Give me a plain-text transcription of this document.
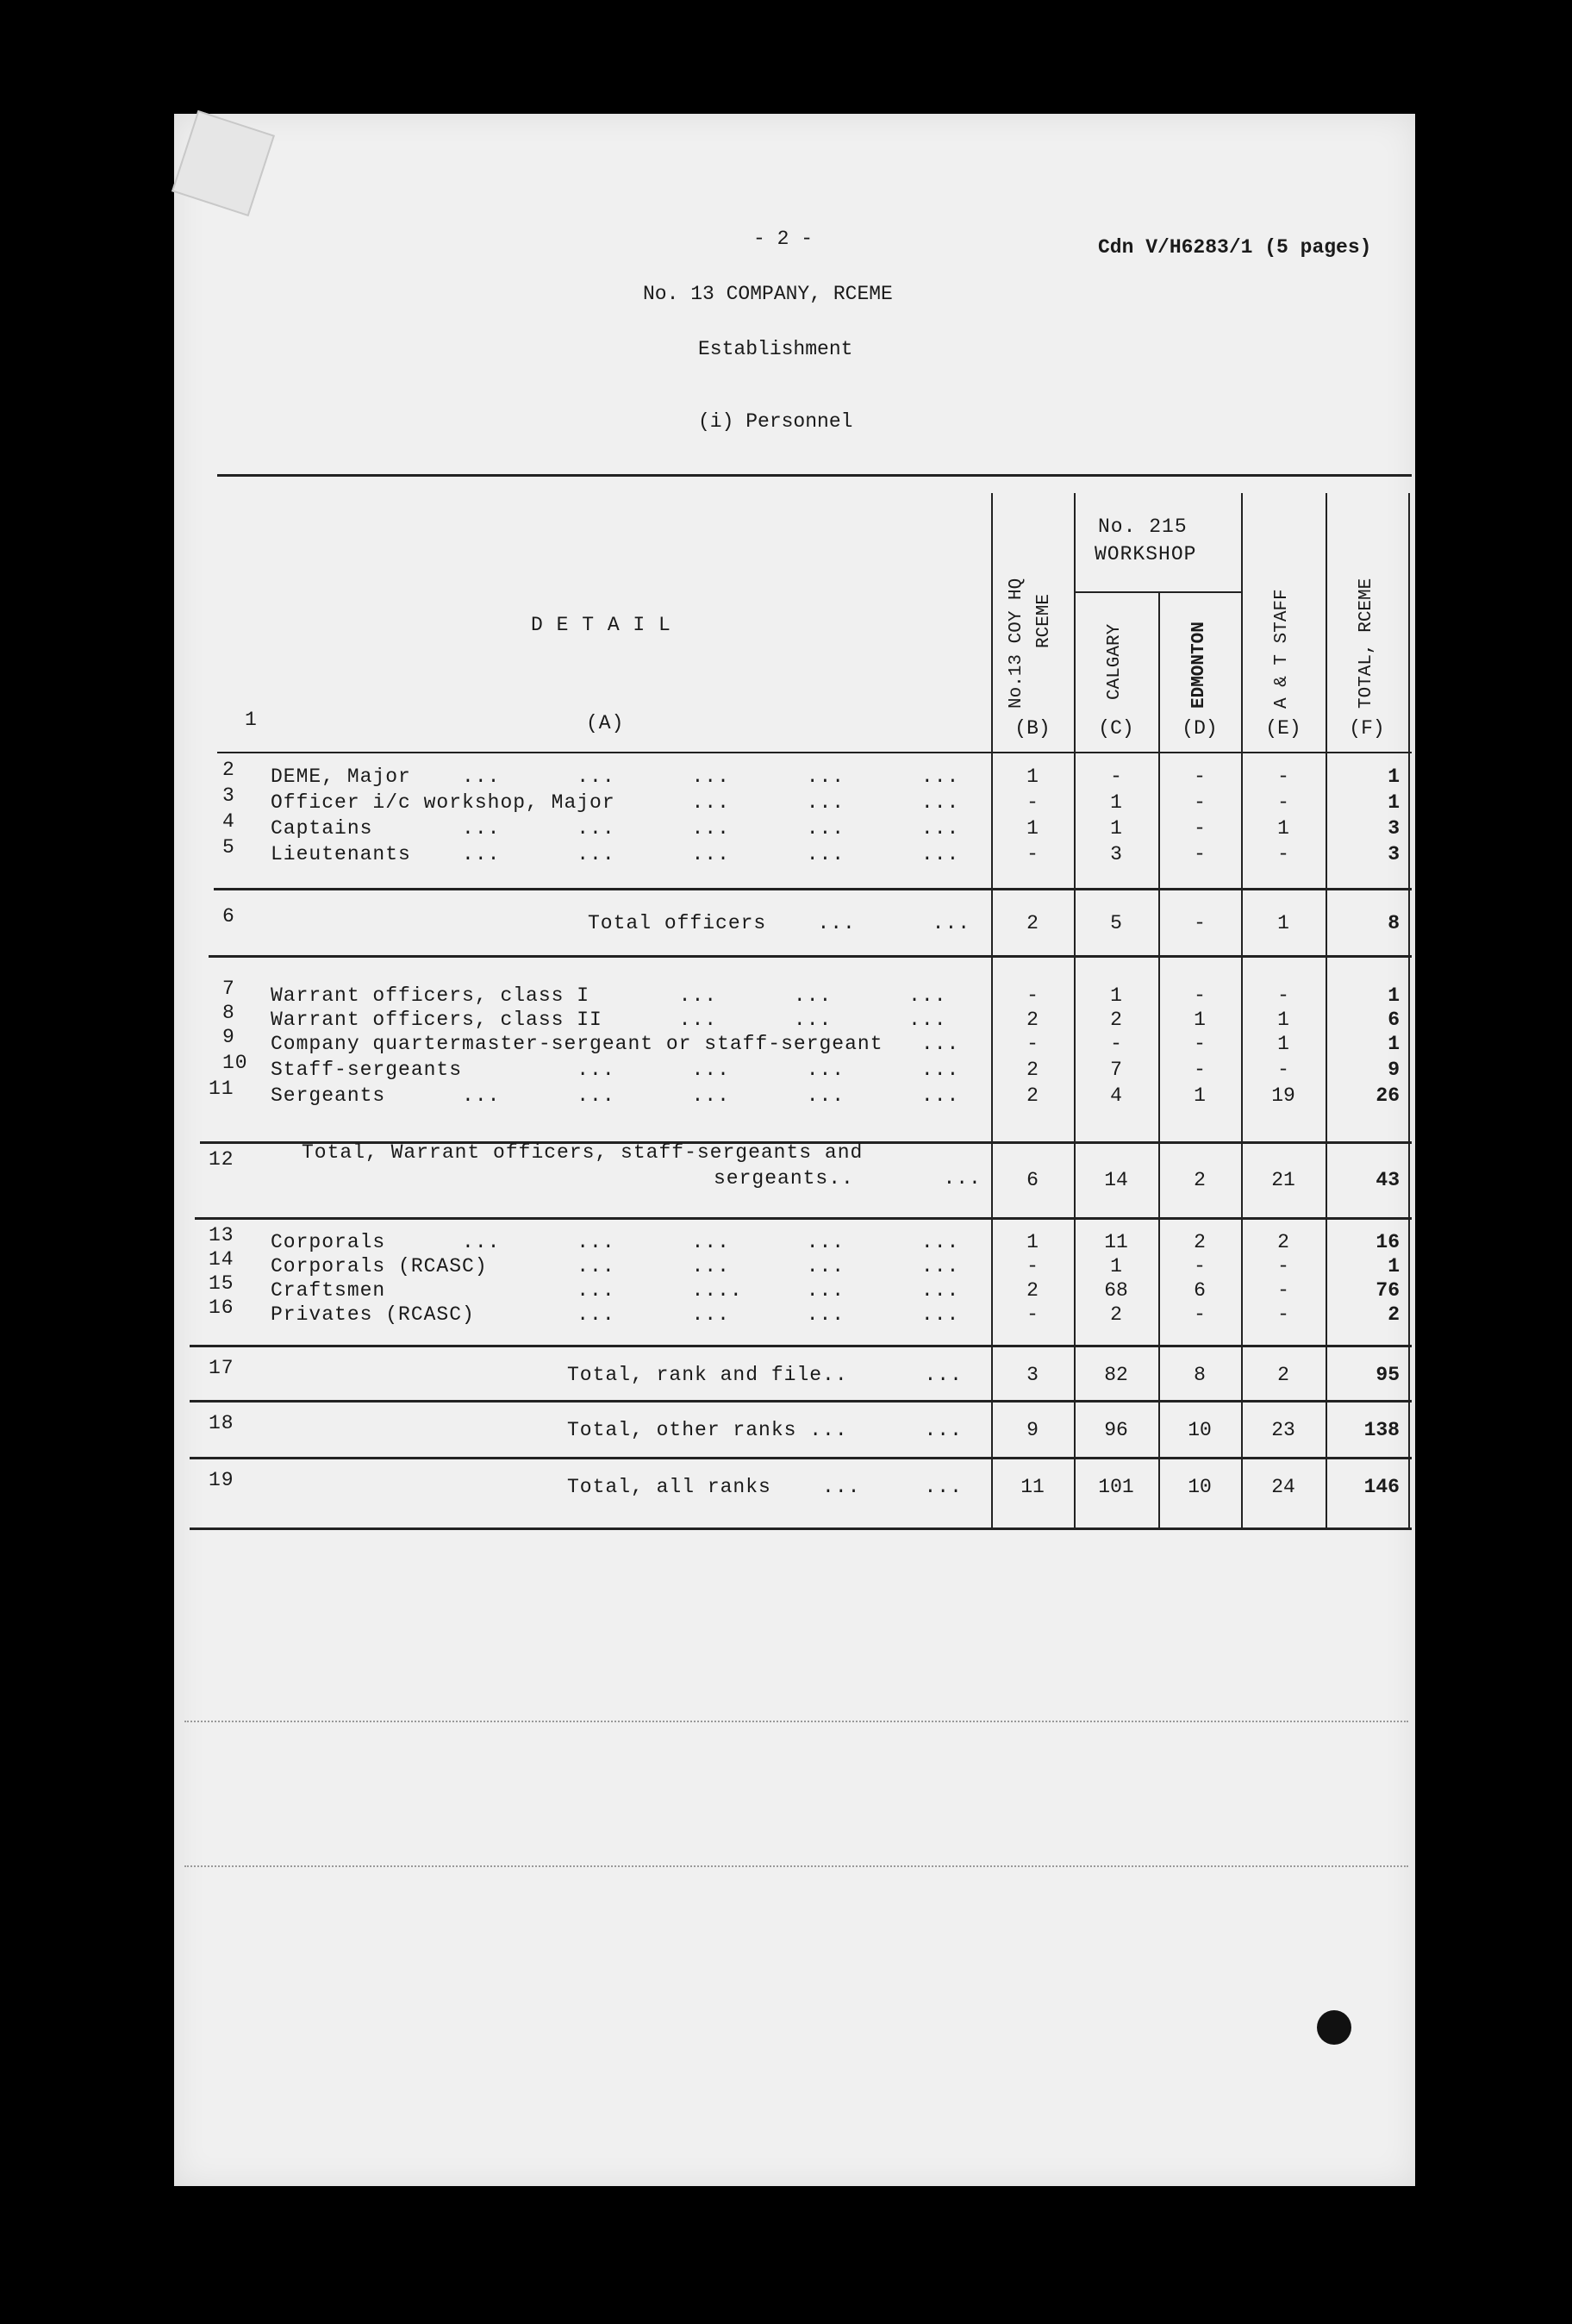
- 2 -	Cdn V/H6283/1 (5 pages)
No. 13 COMPANY, RCEME
Establishment
(i) Personnel
1
D E T A I L
(A)
No.13 COY HQ RCEME
No. 215
WORKSHOP
CALGARY	EDMONTON	A & T STAFF	TOTAL, RCEME
(B)	(C)	(D)	(E)	(F)
2 DEME, Major    ...      ...      ...      ...      ...	1	-	-	-	1
3 Officer i/c workshop, Major      ...      ...      ...	-	1	-	-	1
4 Captains       ...      ...      ...      ...      ...	1	1	-	1	3
5 Lieutenants    ...      ...      ...      ...      ...	-	3	-	-	3
6	Total officers    ...      ...	2	5	-	1	8
7 Warrant officers, class I       ...      ...      ...	-	1	-	-	1
8 Warrant officers, class II      ...      ...      ...	2	2	1	1	6
9 Company quartermaster-sergeant or staff-sergeant   ...	-	-	-	1	1
10 Staff-sergeants         ...      ...      ...      ...	2	7	-	-	9
11 Sergeants      ...      ...      ...      ...      ...	2	4	1	19	26
12	Total, Warrant officers, staff-sergeants and
sergeants..       ...	6	14	2	21	43
13 Corporals      ...      ...      ...      ...      ...	1	11	2	2	16
14 Corporals (RCASC)       ...      ...      ...      ...	-	1	-	-	1
15 Craftsmen               ...      ....     ...      ...	2	68	6	-	76
16 Privates (RCASC)        ...      ...      ...      ...	-	2	-	-	2
17	Total, rank and file..      ...	3	82	8	2	95
18	Total, other ranks ...      ...	9	96	10	23	138
19	Total, all ranks    ...     ...	11	101	10	24	146
